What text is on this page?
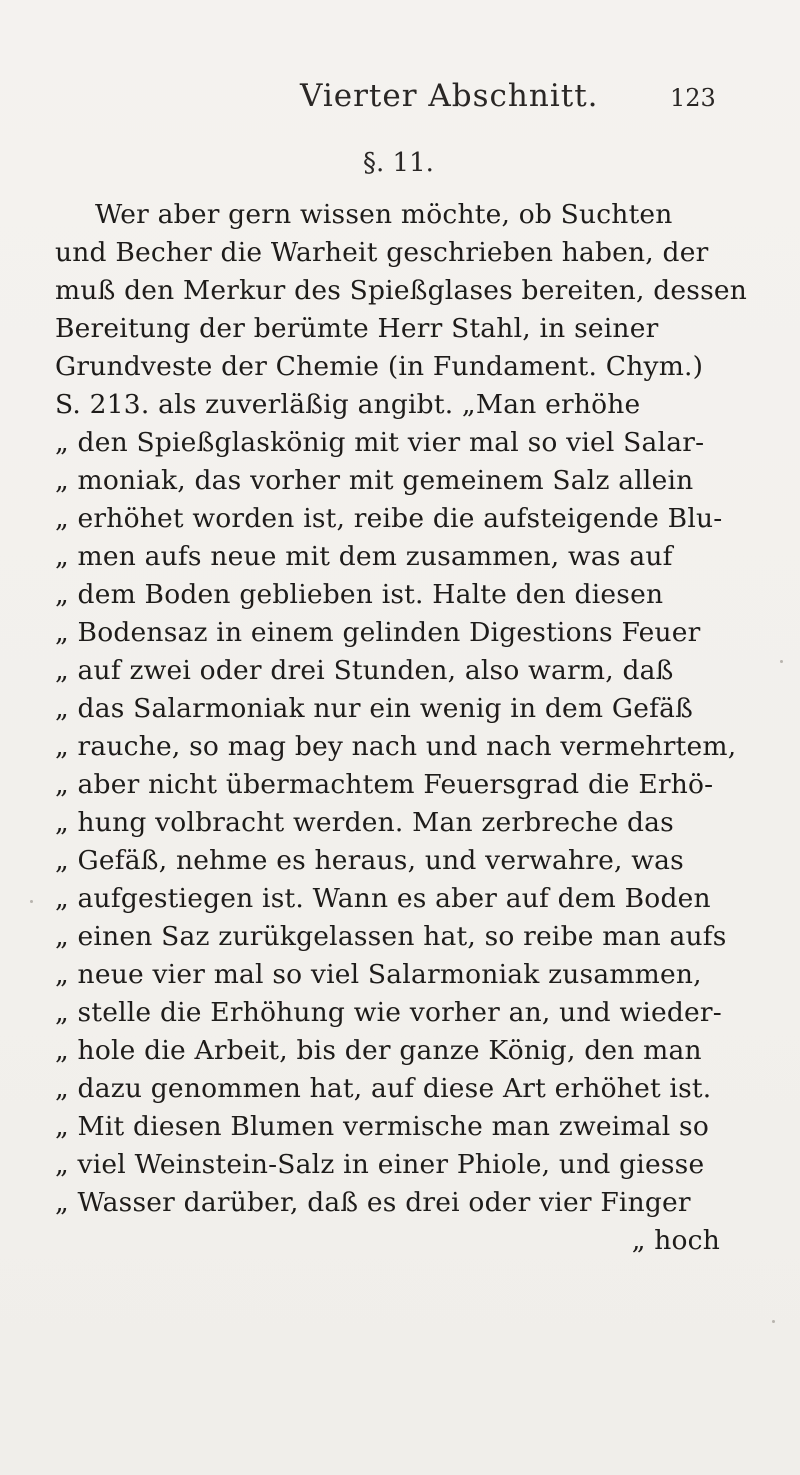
Vierter Abschnitt.	123
§. 11.
Wer aber gern wissen möchte, ob Suchten
und Becher die Warheit geschrieben haben, der
muß den Merkur des Spießglases bereiten, dessen
Bereitung der berümte Herr Stahl, in seiner
Grundveste der Chemie (in Fundament. Chym.)
S. 213. als zuverläßig angibt. „Man erhöhe
„ den Spießglaskönig mit vier mal so viel Salar-
„ moniak, das vorher mit gemeinem Salz allein
„ erhöhet worden ist, reibe die aufsteigende Blu-
„ men aufs neue mit dem zusammen, was auf
„ dem Boden geblieben ist. Halte den diesen
„ Bodensaz in einem gelinden Digestions Feuer
„ auf zwei oder drei Stunden, also warm, daß
„ das Salarmoniak nur ein wenig in dem Gefäß
„ rauche, so mag bey nach und nach vermehrtem,
„ aber nicht übermachtem Feuersgrad die Erhö-
„ hung volbracht werden. Man zerbreche das
„ Gefäß, nehme es heraus, und verwahre, was
„ aufgestiegen ist. Wann es aber auf dem Boden
„ einen Saz zurükgelassen hat, so reibe man aufs
„ neue vier mal so viel Salarmoniak zusammen,
„ stelle die Erhöhung wie vorher an, und wieder-
„ hole die Arbeit, bis der ganze König, den man
„ dazu genommen hat, auf diese Art erhöhet ist.
„ Mit diesen Blumen vermische man zweimal so
„ viel Weinstein-Salz in einer Phiole, und giesse
„ Wasser darüber, daß es drei oder vier Finger
„ hoch
